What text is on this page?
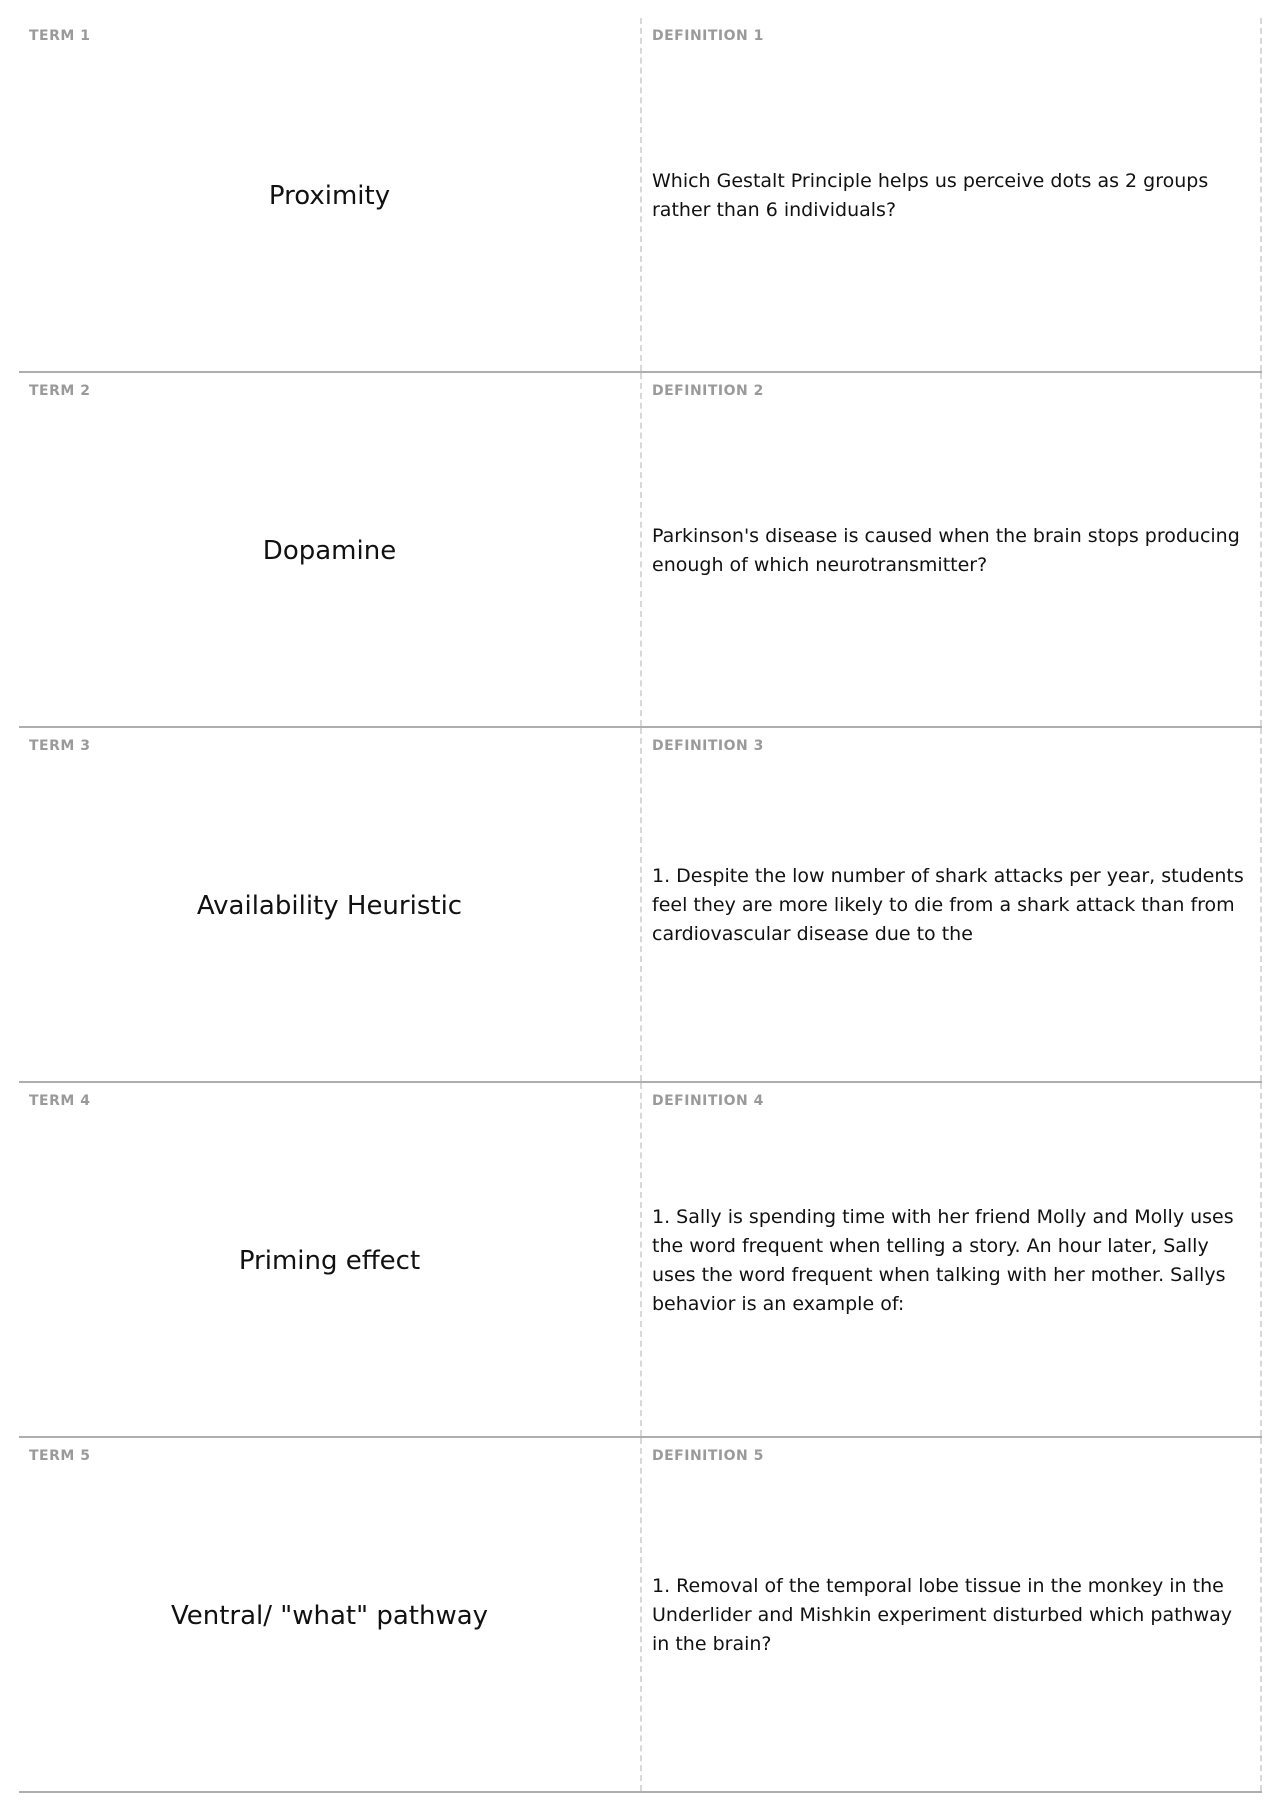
TERM 1
Proximity
DEFINITION 1
Which Gestalt Principle helps us perceive dots as 2 groups rather than 6 individuals?
TERM 2
Dopamine
DEFINITION 2
Parkinson's disease is caused when the brain stops producing enough of which neurotransmitter?
TERM 3
Availability Heuristic
DEFINITION 3
1. Despite the low number of shark attacks per year, students feel they are more likely to die from a shark attack than from cardiovascular disease due to the
TERM 4
Priming effect
DEFINITION 4
1. Sally is spending time with her friend Molly and Molly uses the word frequent when telling a story. An hour later, Sally uses the word frequent when talking with her mother. Sallys behavior is an example of:
TERM 5
Ventral/ "what" pathway
DEFINITION 5
1. Removal of the temporal lobe tissue in the monkey in the Underlider and Mishkin experiment disturbed which pathway in the brain?
